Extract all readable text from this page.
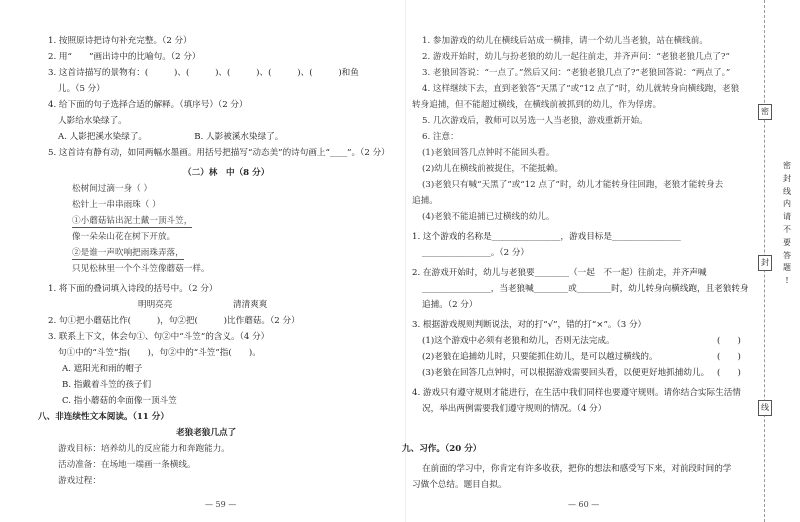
1. 按照原诗把诗句补充完整。（2 分）
2. 用“　　”画出诗中的比喻句。（2 分）
3. 这首诗描写的景物有：(　　　)、(　　　)、(　　　)、(　　　)、(　　　)和鱼
儿。（5 分）
4. 给下面的句子选择合适的解释。（填序号）（2 分）
人影给水染绿了。
A. 人影把溪水染绿了。　　　　　　B. 人影被溪水染绿了。
5. 这首诗有静有动，如同两幅水墨画。用括号把描写“动态美”的诗句画上“____”。（2 分）
（二）林　中（8 分）
松树间过滴一身（ ）
松针上一串串雨珠（ ）
①小蘑菇钻出泥土戴一顶斗笠，
像一朵朵山花在树下开放。
②是谁一声吹响把雨珠弄落，
只见松林里一个个斗笠像蘑菇一样。
1. 将下面的叠词填入诗段的括号中。（2 分）
明明亮亮	清清爽爽
2. 句①把小蘑菇比作(　　　)，句②把(　　　)比作蘑菇。（2 分）
3. 联系上下文，体会句①、句②中“斗笠”的含义。（4 分）
句①中的“斗笠”指(　　)，句②中的“斗笠”指(　　)。
A. 遮阳光和雨的帽子
B. 指戴着斗笠的孩子们
C. 指小蘑菇的伞面像一顶斗笠
八、非连续性文本阅读。（11 分）
老狼老狼几点了
游戏目标：培养幼儿的反应能力和奔跑能力。
活动准备：在场地一端画一条横线。
游戏过程：
— 59 —
1. 参加游戏的幼儿在横线后站成一横排，请一个幼儿当老狼，站在横线前。
2. 游戏开始时，幼儿与扮老狼的幼儿一起往前走，并齐声问：“老狼老狼几点了?”
3. 老狼回答说：“一点了。”然后又问：“老狼老狼几点了?”老狼回答说：“两点了。”
4. 这样继续下去，直到老狼答“天黑了”或“12 点了”时，幼儿就转身向横线跑，老狼
转身追捕，但不能超过横线，在横线前被抓到的幼儿，作为俘虏。
5. 几次游戏后，教师可以另选一人当老狼，游戏重新开始。
6. 注意：
(1)老狼回答几点钟时不能回头看。
(2)幼儿在横线前被捉住，不能抵赖。
(3)老狼只有喊“天黑了”或“12 点了”时，幼儿才能转身往回跑，老狼才能转身去
追捕。
(4)老狼不能追捕已过横线的幼儿。
1. 这个游戏的名称是________________，游戏目标是________________
________________。（2 分）
2. 在游戏开始时，幼儿与老狼要________（一起　不一起）往前走，并齐声喊
________________，当老狼喊________或________时，幼儿转身向横线跑，且老狼转身
追捕。（2 分）
3. 根据游戏规则判断说法，对的打“√”，错的打“×”。（3 分）
(1)这个游戏中必须有老狼和幼儿，否则无法完成。	(　　)
(2)老狼在追捕幼儿时，只要能抓住幼儿，是可以越过横线的。	(　　)
(3)老狼在回答几点钟时，可以根据游戏需要回头看，以便更好地抓捕幼儿。 (　　)
4. 游戏只有遵守规则才能进行，在生活中我们同样也要遵守规则。请你结合实际生活情
况，举出两例需要我们遵守规则的情况。（4 分）
九、习作。（20 分）
在前面的学习中，你肯定有许多收获，把你的想法和感受写下来，对前段时间的学
习做个总结。题目自拟。
— 60 —
密
封
线
密
封
线
内
请
不
要
答
题
!
